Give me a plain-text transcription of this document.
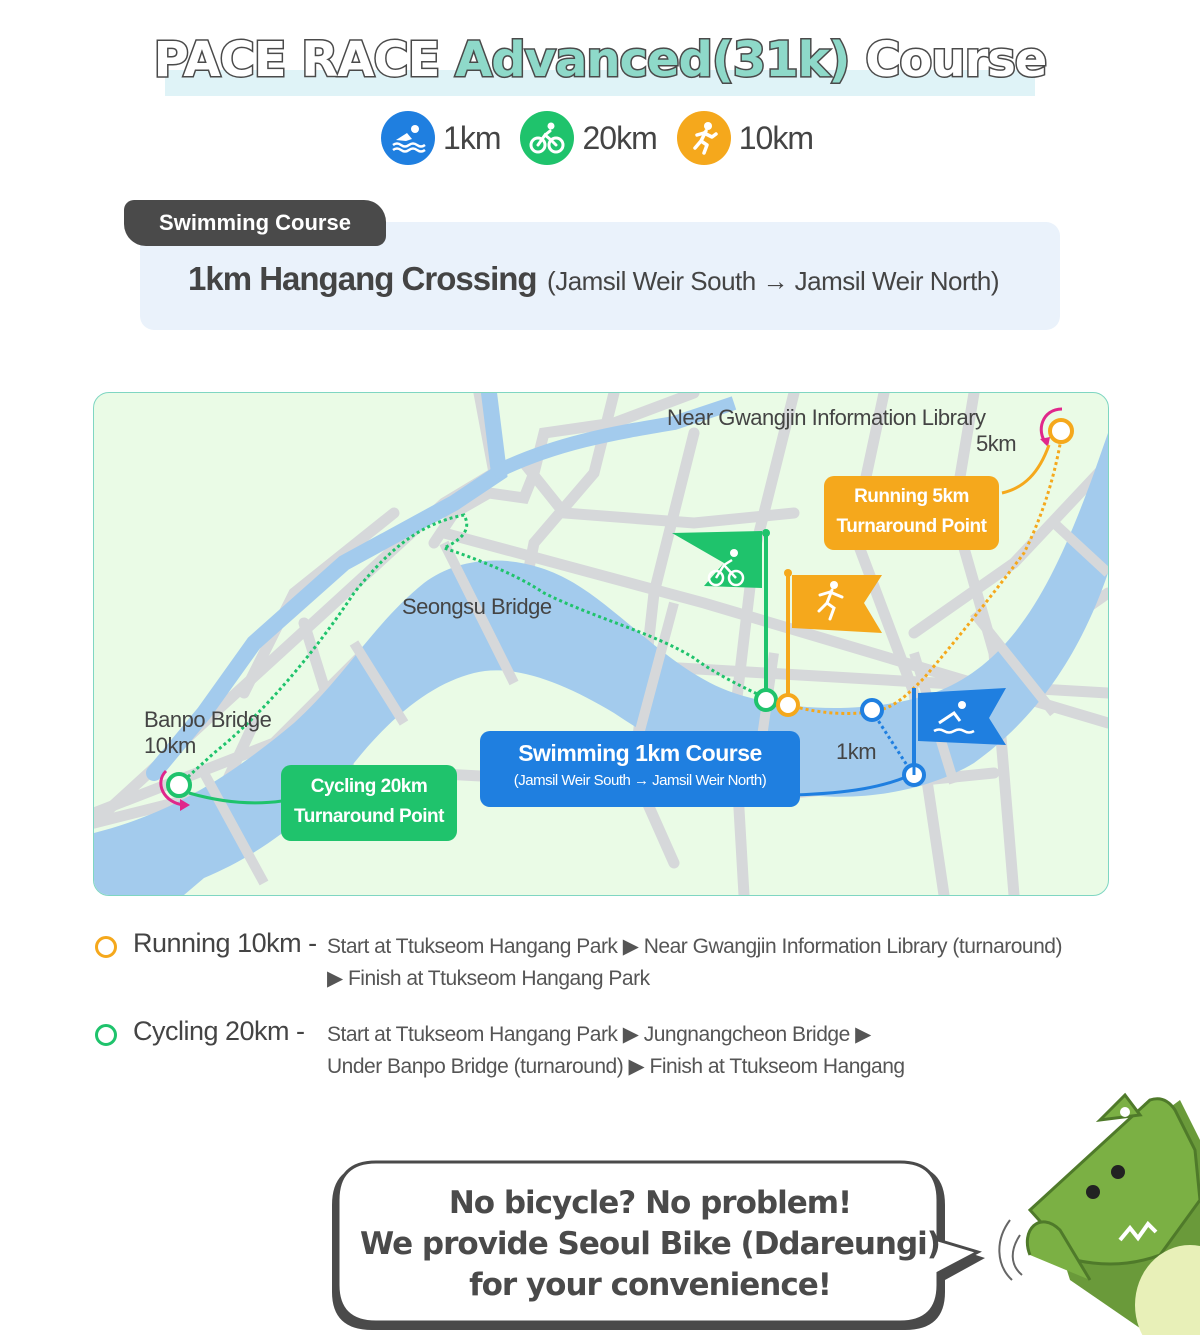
PACE RACE Advanced(31k) Course
1km	20km	10km
Swimming Course
1km Hangang Crossing (Jamsil Weir South → Jamsil Weir North)
Near Gwangjin Information Library
5km
Seongsu Bridge
Banpo Bridge
10km	1km
Running 5km
Turnaround Point
Cycling 20km
Turnaround Point
Swimming 1km Course
(Jamsil Weir South → Jamsil Weir North)
Running 10km - Start at Ttukseom Hangang Park ▶ Near Gwangjin Information Library (turnaround)
▶ Finish at Ttukseom Hangang Park
Cycling 20km - Start at Ttukseom Hangang Park ▶ Jungnangcheon Bridge ▶
Under Banpo Bridge (turnaround) ▶ Finish at Ttukseom Hangang
No bicycle? No problem!
We provide Seoul Bike (Ddareungi)
for your convenience!
